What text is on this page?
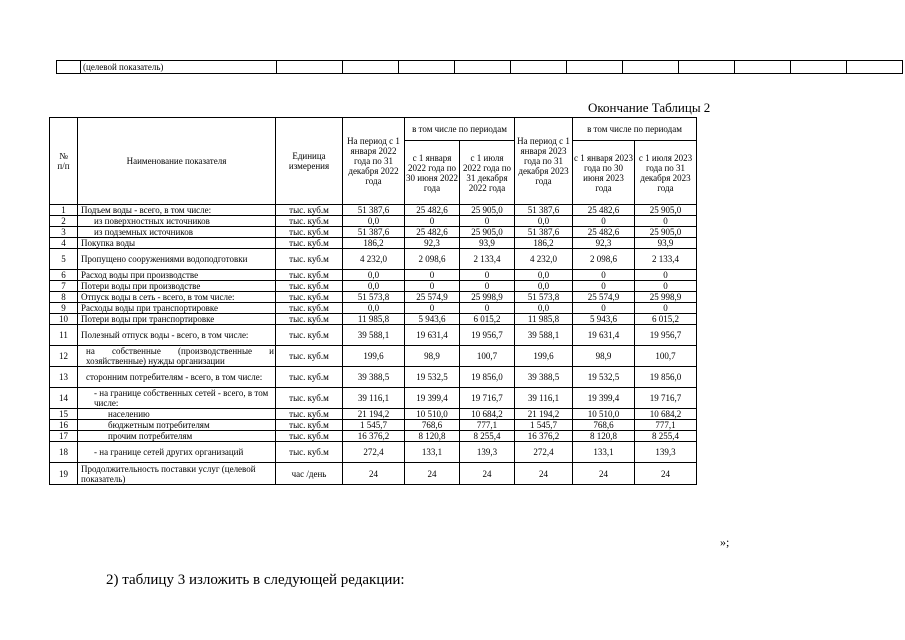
	(целевой показатель)											
Окончание Таблицы 2
№
п/п	Наименование показателя	Единица измерения	На период с 1 января 2022 года по 31 декабря 2022 года	в том числе по периодам		На период с 1 января 2023 года по 31 декабря 2023 года	в том числе по периодам	
				с 1 января 2022 года по 30 июня 2022 года	с 1 июля 2022 года по 31 декабря 2022 года		с 1 января 2023 года по 30 июня 2023 года	с 1 июля 2023 года по 31 декабря 2023 года
1	Подъем воды - всего, в том числе:	тыс. куб.м	51 387,6	25 482,6	25 905,0	51 387,6	25 482,6	25 905,0
2	из поверхностных источников	тыс. куб.м	0,0	0	0	0,0	0	0
3	из подземных источников	тыс. куб.м	51 387,6	25 482,6	25 905,0	51 387,6	25 482,6	25 905,0
4	Покупка воды	тыс. куб.м	186,2	92,3	93,9	186,2	92,3	93,9
5	Пропущено сооружениями водоподготовки	тыс. куб.м	4 232,0	2 098,6	2 133,4	4 232,0	2 098,6	2 133,4
6	Расход воды при производстве	тыс. куб.м	0,0	0	0	0,0	0	0
7	Потери воды при производстве	тыс. куб.м	0,0	0	0	0,0	0	0
8	Отпуск воды в сеть - всего, в том числе:	тыс. куб.м	51 573,8	25 574,9	25 998,9	51 573,8	25 574,9	25 998,9
9	Расходы воды при транспортировке	тыс. куб.м	0,0	0	0	0,0	0	0
10	Потери воды при транспортировке	тыс. куб.м	11 985,8	5 943,6	6 015,2	11 985,8	5 943,6	6 015,2
11	Полезный отпуск воды - всего, в том числе:	тыс. куб.м	39 588,1	19 631,4	19 956,7	39 588,1	19 631,4	19 956,7
12	на собственные (производственные и хозяйственные) нужды организации	тыс. куб.м	199,6	98,9	100,7	199,6	98,9	100,7
13	сторонним потребителям - всего, в том числе:	тыс. куб.м	39 388,5	19 532,5	19 856,0	39 388,5	19 532,5	19 856,0
14	- на границе собственных сетей - всего, в том числе:	тыс. куб.м	39 116,1	19 399,4	19 716,7	39 116,1	19 399,4	19 716,7
15	населению	тыс. куб.м	21 194,2	10 510,0	10 684,2	21 194,2	10 510,0	10 684,2
16	бюджетным потребителям	тыс. куб.м	1 545,7	768,6	777,1	1 545,7	768,6	777,1
17	прочим потребителям	тыс. куб.м	16 376,2	8 120,8	8 255,4	16 376,2	8 120,8	8 255,4
18	- на границе сетей других организаций	тыс. куб.м	272,4	133,1	139,3	272,4	133,1	139,3
19	Продолжительность поставки услуг (целевой показатель)	час /день	24	24	24	24	24	24
»;
2) таблицу 3 изложить в следующей редакции:
